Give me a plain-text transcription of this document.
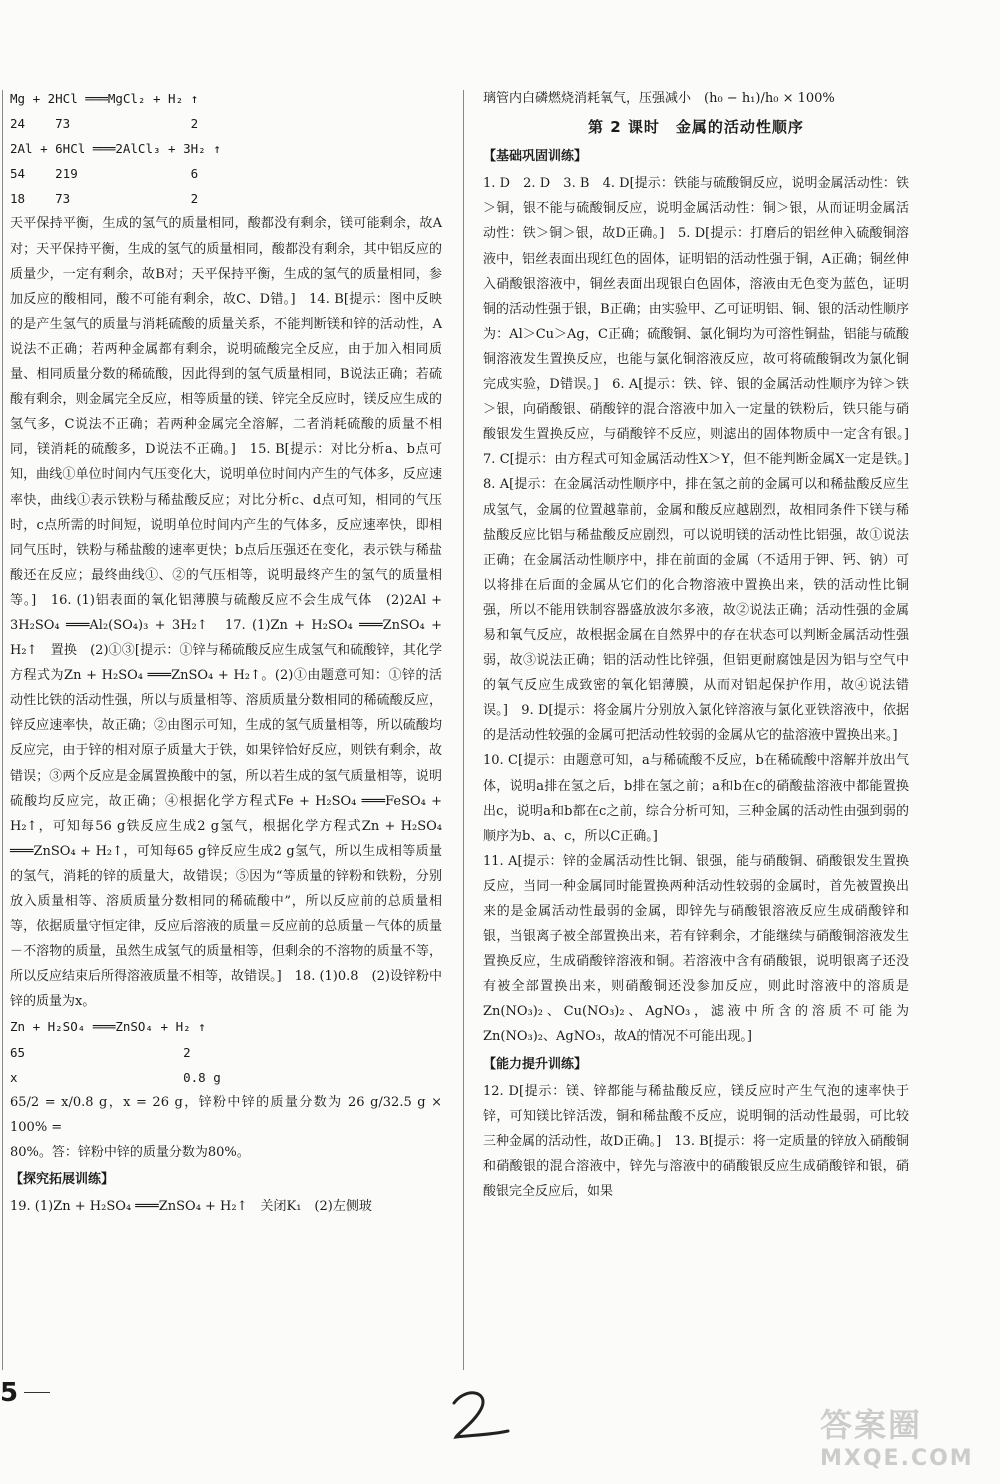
Mg + 2HCl ═══MgCl₂ + H₂ ↑

24    73                2

2Al + 6HCl ═══2AlCl₃ + 3H₂ ↑

54    219               6

18    73                2

天平保持平衡，生成的氢气的质量相同，酸都没有剩余，镁可能剩余，故A对；天平保持平衡，生成的氢气的质量相同，酸都没有剩余，其中铝反应的质量少，一定有剩余，故B对；天平保持平衡，生成的氢气的质量相同，参加反应的酸相同，酸不可能有剩余，故C、D错。]　14. B[提示：图中反映的是产生氢气的质量与消耗硫酸的质量关系，不能判断镁和锌的活动性，A说法不正确；若两种金属都有剩余，说明硫酸完全反应，由于加入相同质量、相同质量分数的稀硫酸，因此得到的氢气质量相同，B说法正确；若硫酸有剩余，则金属完全反应，相等质量的镁、锌完全反应时，镁反应生成的氢气多，C说法不正确；若两种金属完全溶解，二者消耗硫酸的质量不相同，镁消耗的硫酸多，D说法不正确。]　15. B[提示：对比分析a、b点可知，曲线①单位时间内气压变化大，说明单位时间内产生的气体多，反应速率快，曲线①表示铁粉与稀盐酸反应；对比分析c、d点可知，相同的气压时，c点所需的时间短，说明单位时间内产生的气体多，反应速率快，即相同气压时，铁粉与稀盐酸的速率更快；b点后压强还在变化，表示铁与稀盐酸还在反应；最终曲线①、②的气压相等，说明最终产生的氢气的质量相等。]　16. (1)铝表面的氧化铝薄膜与硫酸反应不会生成气体　(2)2Al + 3H₂SO₄ ═══Al₂(SO₄)₃ + 3H₂↑　17. (1)Zn + H₂SO₄ ═══ZnSO₄ + H₂↑　置换　(2)①③[提示：①锌与稀硫酸反应生成氢气和硫酸锌，其化学方程式为Zn + H₂SO₄ ═══ZnSO₄ + H₂↑。(2)①由题意可知：①锌的活动性比铁的活动性强，所以与质量相等、溶质质量分数相同的稀硫酸反应，锌反应速率快，故正确；②由图示可知，生成的氢气质量相等，所以硫酸均反应完，由于锌的相对原子质量大于铁，如果锌恰好反应，则铁有剩余，故错误；③两个反应是金属置换酸中的氢，所以若生成的氢气质量相等，说明硫酸均反应完，故正确；④根据化学方程式Fe + H₂SO₄ ═══FeSO₄ + H₂↑，可知每56 g铁反应生成2 g氢气，根据化学方程式Zn + H₂SO₄ ═══ZnSO₄ + H₂↑，可知每65 g锌反应生成2 g氢气，所以生成相等质量的氢气，消耗的锌的质量大，故错误；⑤因为“等质量的锌粉和铁粉，分别放入质量相等、溶质质量分数相同的稀硫酸中”，所以反应前的总质量相等，依据质量守恒定律，反应后溶液的质量＝反应前的总质量－气体的质量－不溶物的质量，虽然生成氢气的质量相等，但剩余的不溶物的质量不等，所以反应结束后所得溶液质量不相等，故错误。]　18. (1)0.8　(2)设锌粉中锌的质量为x。

Zn + H₂SO₄ ═══ZnSO₄ + H₂ ↑

65                     2

x                      0.8 g

65/2 = x/0.8 g，x = 26 g，锌粉中锌的质量分数为 26 g/32.5 g × 100% =

80%。答：锌粉中锌的质量分数为80%。

【探究拓展训练】

19. (1)Zn + H₂SO₄ ═══ZnSO₄ + H₂↑　关闭K₁　(2)左侧玻

璃管内白磷燃烧消耗氧气，压强减小　(h₀ − h₁)/h₀ × 100%

第 2 课时　金属的活动性顺序

【基础巩固训练】

1. D　2. D　3. B　4. D[提示：铁能与硫酸铜反应，说明金属活动性：铁＞铜，银不能与硫酸铜反应，说明金属活动性：铜＞银，从而证明金属活动性：铁＞铜＞银，故D正确。]　5. D[提示：打磨后的铝丝伸入硫酸铜溶液中，铝丝表面出现红色的固体，证明铝的活动性强于铜，A正确；铜丝伸入硝酸银溶液中，铜丝表面出现银白色固体，溶液由无色变为蓝色，证明铜的活动性强于银，B正确；由实验甲、乙可证明铝、铜、银的活动性顺序为：Al＞Cu＞Ag，C正确；硫酸铜、氯化铜均为可溶性铜盐，铝能与硫酸铜溶液发生置换反应，也能与氯化铜溶液反应，故可将硫酸铜改为氯化铜完成实验，D错误。]　6. A[提示：铁、锌、银的金属活动性顺序为锌＞铁＞银，向硝酸银、硝酸锌的混合溶液中加入一定量的铁粉后，铁只能与硝酸银发生置换反应，与硝酸锌不反应，则滤出的固体物质中一定含有银。]　7. C[提示：由方程式可知金属活动性X＞Y，但不能判断金属X一定是铁。]　8. A[提示：在金属活动性顺序中，排在氢之前的金属可以和稀盐酸反应生成氢气，金属的位置越靠前，金属和酸反应越剧烈，故相同条件下镁与稀盐酸反应比铝与稀盐酸反应剧烈，可以说明镁的活动性比铝强，故①说法正确；在金属活动性顺序中，排在前面的金属（不适用于钾、钙、钠）可以将排在后面的金属从它们的化合物溶液中置换出来，铁的活动性比铜强，所以不能用铁制容器盛放波尔多液，故②说法正确；活动性强的金属易和氧气反应，故根据金属在自然界中的存在状态可以判断金属活动性强弱，故③说法正确；铝的活动性比锌强，但铝更耐腐蚀是因为铝与空气中的氧气反应生成致密的氧化铝薄膜，从而对铝起保护作用，故④说法错误。]　9. D[提示：将金属片分别放入氯化锌溶液与氯化亚铁溶液中，依据的是活动性较强的金属可把活动性较弱的金属从它的盐溶液中置换出来。]

10. C[提示：由题意可知，a与稀硫酸不反应，b在稀硫酸中溶解并放出气体，说明a排在氢之后，b排在氢之前；a和b在c的硝酸盐溶液中都能置换出c，说明a和b都在c之前，综合分析可知，三种金属的活动性由强到弱的顺序为b、a、c，所以C正确。]

11. A[提示：锌的金属活动性比铜、银强，能与硝酸铜、硝酸银发生置换反应，当同一种金属同时能置换两种活动性较弱的金属时，首先被置换出来的是金属活动性最弱的金属，即锌先与硝酸银溶液反应生成硝酸锌和银，当银离子被全部置换出来，若有锌剩余，才能继续与硝酸铜溶液发生置换反应，生成硝酸锌溶液和铜。若溶液中含有硝酸银，说明银离子还没有被全部置换出来，则硝酸铜还没参加反应，则此时溶液中的溶质是Zn(NO₃)₂、Cu(NO₃)₂、AgNO₃，滤液中所含的溶质不可能为Zn(NO₃)₂、AgNO₃，故A的情况不可能出现。]

【能力提升训练】

12. D[提示：镁、锌都能与稀盐酸反应，镁反应时产生气泡的速率快于锌，可知镁比锌活泼，铜和稀盐酸不反应，说明铜的活动性最弱，可比较三种金属的活动性，故D正确。]　13. B[提示：将一定质量的锌放入硝酸铜和硝酸银的混合溶液中，锌先与溶液中的硝酸银反应生成硝酸锌和银，硝酸银完全反应后，如果

5
答案圈
MXQE.COM
